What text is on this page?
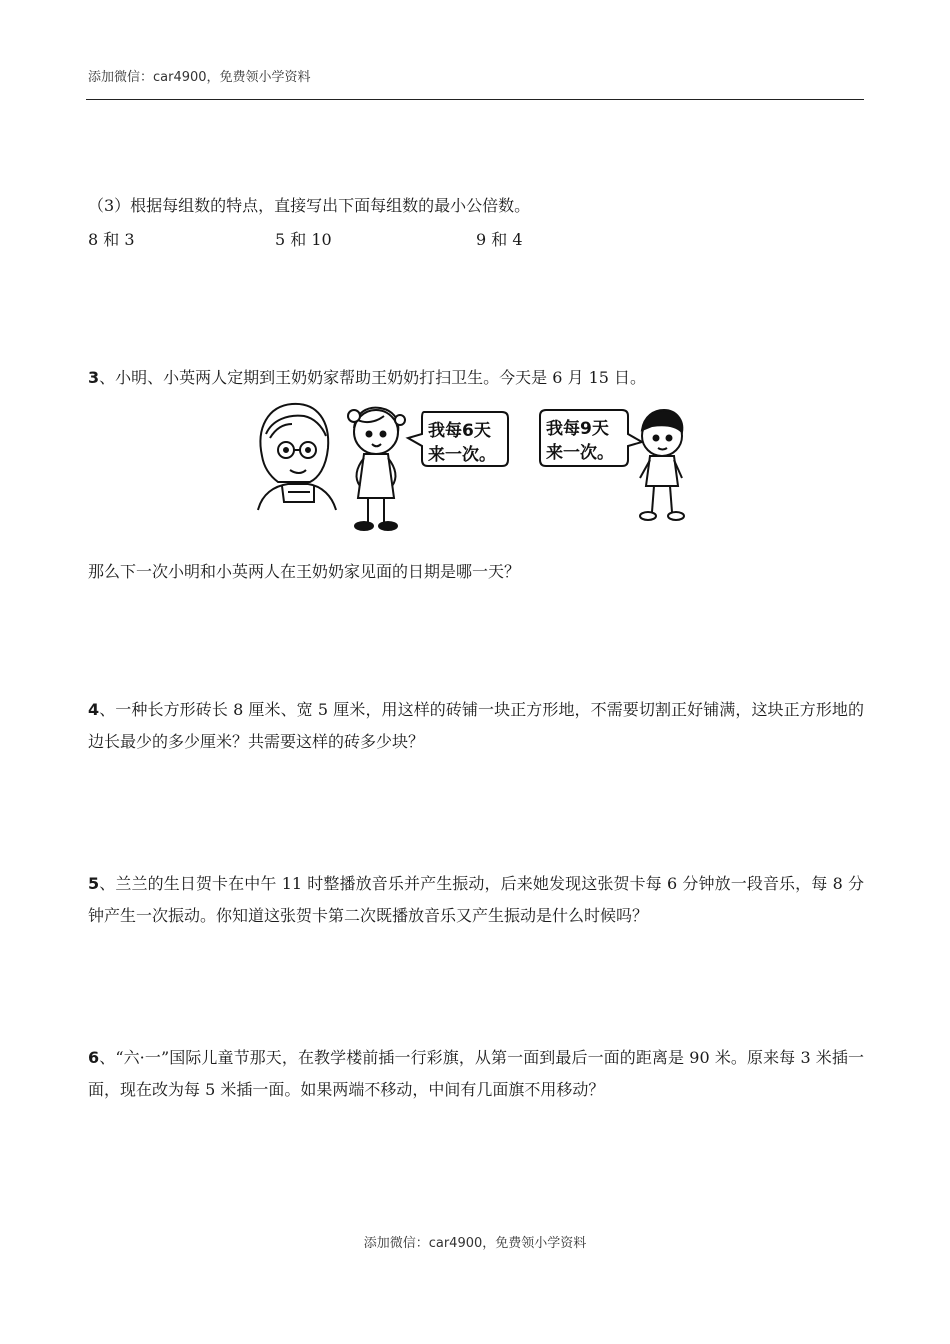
添加微信：car4900，免费领小学资料
（3）根据每组数的特点，直接写出下面每组数的最小公倍数。
8 和 3	5 和 10	9 和 4
3、小明、小英两人定期到王奶奶家帮助王奶奶打扫卫生。今天是 6 月 15 日。
我每6天
来一次。
我每9天
来一次。
那么下一次小明和小英两人在王奶奶家见面的日期是哪一天？
4、一种长方形砖长 8 厘米、宽 5 厘米，用这样的砖铺一块正方形地，不需要切割正好铺满，这块正方形地的边长最少的多少厘米？共需要这样的砖多少块？
5、兰兰的生日贺卡在中午 11 时整播放音乐并产生振动，后来她发现这张贺卡每 6 分钟放一段音乐，每 8 分钟产生一次振动。你知道这张贺卡第二次既播放音乐又产生振动是什么时候吗？
6、“六·一”国际儿童节那天，在教学楼前插一行彩旗，从第一面到最后一面的距离是 90 米。原来每 3 米插一面，现在改为每 5 米插一面。如果两端不移动，中间有几面旗不用移动？
添加微信：car4900，免费领小学资料
